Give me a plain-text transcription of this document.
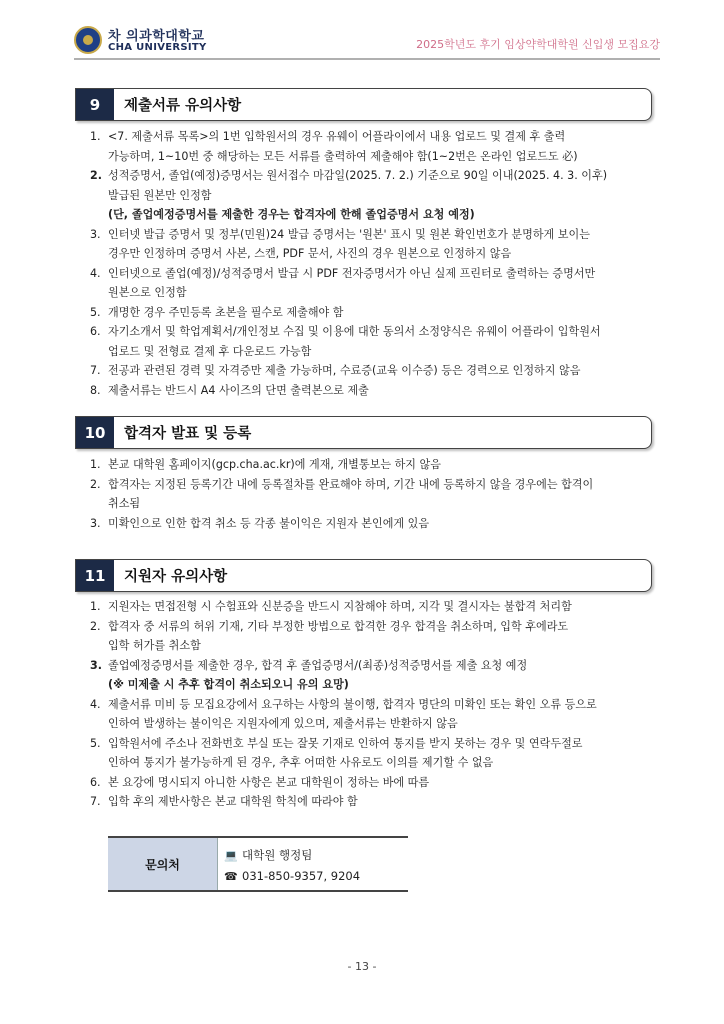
차 의과학대학교
CHA UNIVERSITY	2025학년도 후기 임상약학대학원 신입생 모집요강
9	제출서류 유의사항
1. <7. 제출서류 목록>의 1번 입학원서의 경우 유웨이 어플라이에서 내용 업로드 및 결제 후 출력
가능하며, 1~10번 중 해당하는 모든 서류를 출력하여 제출해야 함(1~2번은 온라인 업로드도 必)
2. 성적증명서, 졸업(예정)증명서는 원서접수 마감일(2025. 7. 2.) 기준으로 90일 이내(2025. 4. 3. 이후)
발급된 원본만 인정함
(단, 졸업예정증명서를 제출한 경우는 합격자에 한해 졸업증명서 요청 예정)
3. 인터넷 발급 증명서 및 정부(민원)24 발급 증명서는 '원본' 표시 및 원본 확인번호가 분명하게 보이는
경우만 인정하며 증명서 사본, 스캔, PDF 문서, 사진의 경우 원본으로 인정하지 않음
4. 인터넷으로 졸업(예정)/성적증명서 발급 시 PDF 전자증명서가 아닌 실제 프린터로 출력하는 증명서만
원본으로 인정함
5. 개명한 경우 주민등록 초본을 필수로 제출해야 함
6. 자기소개서 및 학업계획서/개인정보 수집 및 이용에 대한 동의서 소정양식은 유웨이 어플라이 입학원서
업로드 및 전형료 결제 후 다운로드 가능함
7. 전공과 관련된 경력 및 자격증만 제출 가능하며, 수료증(교육 이수증) 등은 경력으로 인정하지 않음
8. 제출서류는 반드시 A4 사이즈의 단면 출력본으로 제출
10	합격자 발표 및 등록
1. 본교 대학원 홈페이지(gcp.cha.ac.kr)에 게재, 개별통보는 하지 않음
2. 합격자는 지정된 등록기간 내에 등록절차를 완료해야 하며, 기간 내에 등록하지 않을 경우에는 합격이
취소됨
3. 미확인으로 인한 합격 취소 등 각종 불이익은 지원자 본인에게 있음
11	지원자 유의사항
1. 지원자는 면접전형 시 수험표와 신분증을 반드시 지참해야 하며, 지각 및 결시자는 불합격 처리함
2. 합격자 중 서류의 허위 기재, 기타 부정한 방법으로 합격한 경우 합격을 취소하며, 입학 후에라도
입학 허가를 취소함
3. 졸업예정증명서를 제출한 경우, 합격 후 졸업증명서/(최종)성적증명서를 제출 요청 예정
(※ 미제출 시 추후 합격이 취소되오니 유의 요망)
4. 제출서류 미비 등 모집요강에서 요구하는 사항의 불이행, 합격자 명단의 미확인 또는 확인 오류 등으로
인하여 발생하는 불이익은 지원자에게 있으며, 제출서류는 반환하지 않음
5. 입학원서에 주소나 전화번호 부실 또는 잘못 기재로 인하여 통지를 받지 못하는 경우 및 연락두절로
인하여 통지가 불가능하게 된 경우, 추후 어떠한 사유로도 이의를 제기할 수 없음
6. 본 요강에 명시되지 아니한 사항은 본교 대학원이 정하는 바에 따름
7. 입학 후의 제반사항은 본교 대학원 학칙에 따라야 함
문의처
💻 대학원 행정팀
☎ 031-850-9357, 9204
- 13 -
